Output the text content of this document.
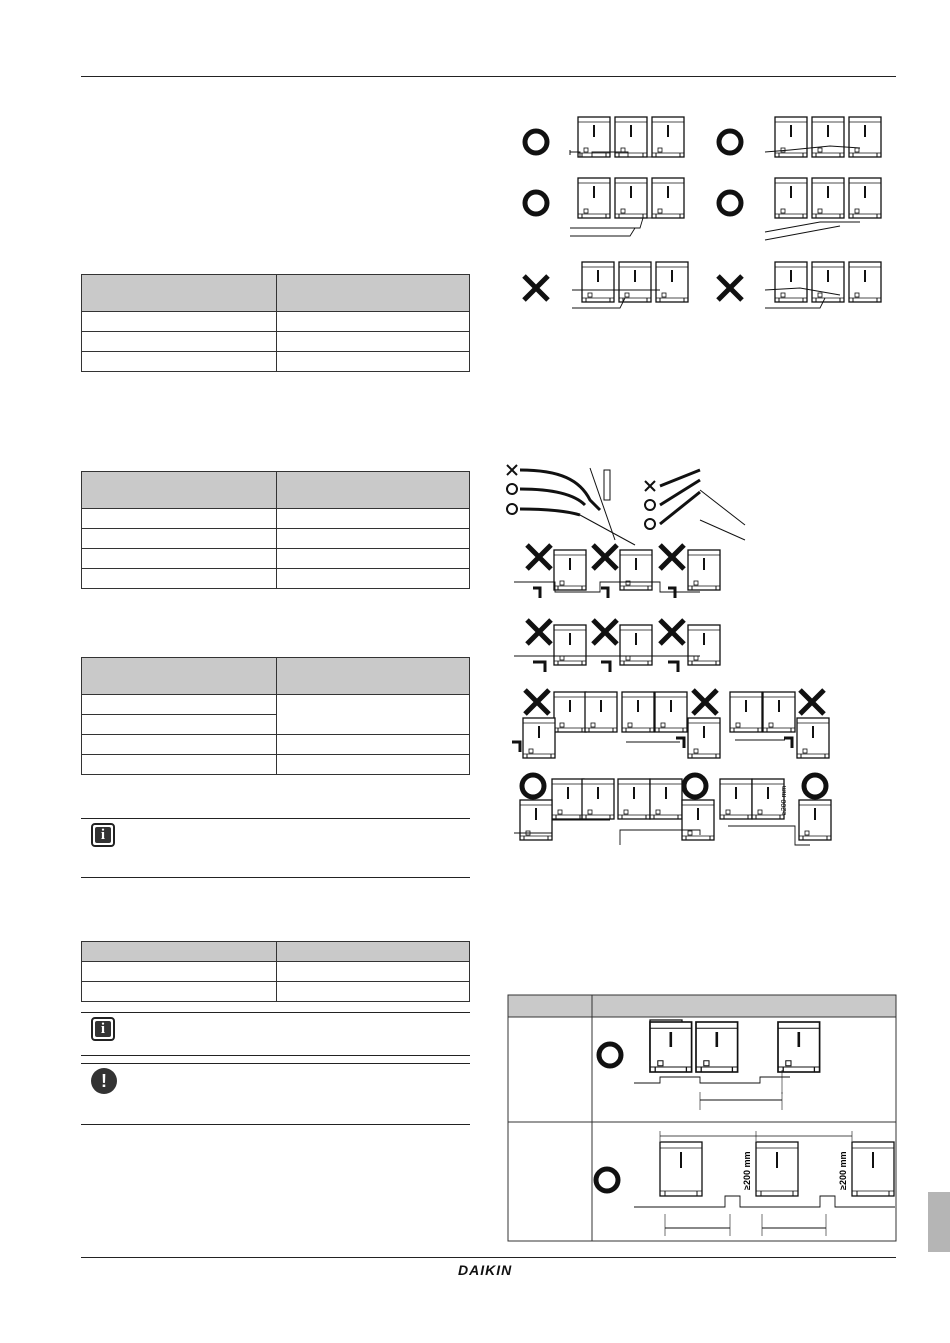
i

i
!
≥200 mm
≥200 mm	≥200 mm
DAIKIN
